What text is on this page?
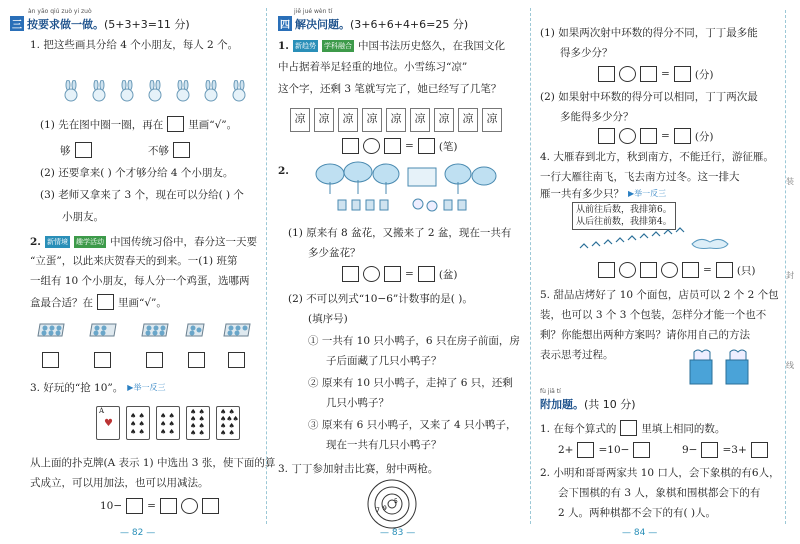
àn yāo qiú zuò yi zuò
三 按要求做一做。(5+3+3=11 分)
1. 把这些画具分给 4 个小朋友，每人 2 个。
(1) 先在图中圈一圈，再在 里画“√”。
够	不够
(2) 还要拿来( ) 个才够分给 4 个小朋友。
(3) 老师又拿来了 3 个，现在可以分给( ) 个
小朋友。
2. 新情境 趣学活动 中国传统习俗中，春分这一天要
“立蛋”，以此来庆贺春天的到来。一(1) 班第
一组有 10 个小朋友，每人分一个鸡蛋，选哪两
盒最合适？在 里画“√”。
3. 好玩的“抢 10”。 ▶举一反三
A
♥
♠ ♠
♠ ♠
♠ ♠
♠ ♠
♠ ♠
♠ ♠
♠ ♠
♠ ♠
♠ ♠
♠ ♠
♠ ♠
♠♠♠
♠ ♠
♠ ♠
从上面的扑克牌(A 表示 1) 中选出 3 张，使下面的算
式成立，可以用加法，也可以用减法。
10− =
— 82 —
jiě jué wèn tí
四 解决问题。(3+6+6+4+6=25 分)
1. 新趋势 学科融合 中国书法历史悠久，在我国文化
中占据着举足轻重的地位。小雪练习“凉”
这个字，还剩 3 笔就写完了，她已经写了几笔？
凉	凉	凉	凉	凉	凉	凉	凉	凉
= (笔)
2.
(1) 原来有 8 盆花，又搬来了 2 盆，现在一共有
多少盆花？
= (盆)
(2) 不可以列式“10−6”计数事的是( )。
(填序号)
① 一共有 10 只小鸭子，6 只在房子前面，房
子后面藏了几只小鸭子？
② 原来有 10 只小鸭子，走掉了 6 只，还剩
几只小鸭子？
③ 原来有 6 只小鸭子，又来了 4 只小鸭子，
现在一共有几只小鸭子？
3. 丁丁参加射击比赛，射中两枪。
7 9
5
— 83 —
(1) 如果两次射中环数的得分不同，丁丁最多能
得多少分？
= (分)
(2) 如果射中环数的得分可以相同，丁丁两次最
多能得多少分？
= (分)
4. 大雁春到北方，秋到南方，不能迁行，游征雁。
一行大雁往南飞，飞去南方过冬。这一排大
雁一共有多少只？ ▶举一反三
从前往后数，我排第6。
从后往前数，我排第4。
= (只)
5. 甜品店烤好了 10 个面包，店员可以 2 个 2 个包
装，也可以 3 个 3 个包装，怎样分才能一个也不
剩？你能想出两种方案吗？请你用自己的方法
表示思考过程。
fù jiā tí
附加题。(共 10 分)
1. 在每个算式的 里填上相同的数。
2+ =10−	9− =3+
2. 小明和哥哥两家共 10 口人，会下象棋的有6人，
会下围棋的有 3 人，象棋和围棋都会下的有
2 人。两种棋都不会下的有( )人。
装
封
线
— 84 —
